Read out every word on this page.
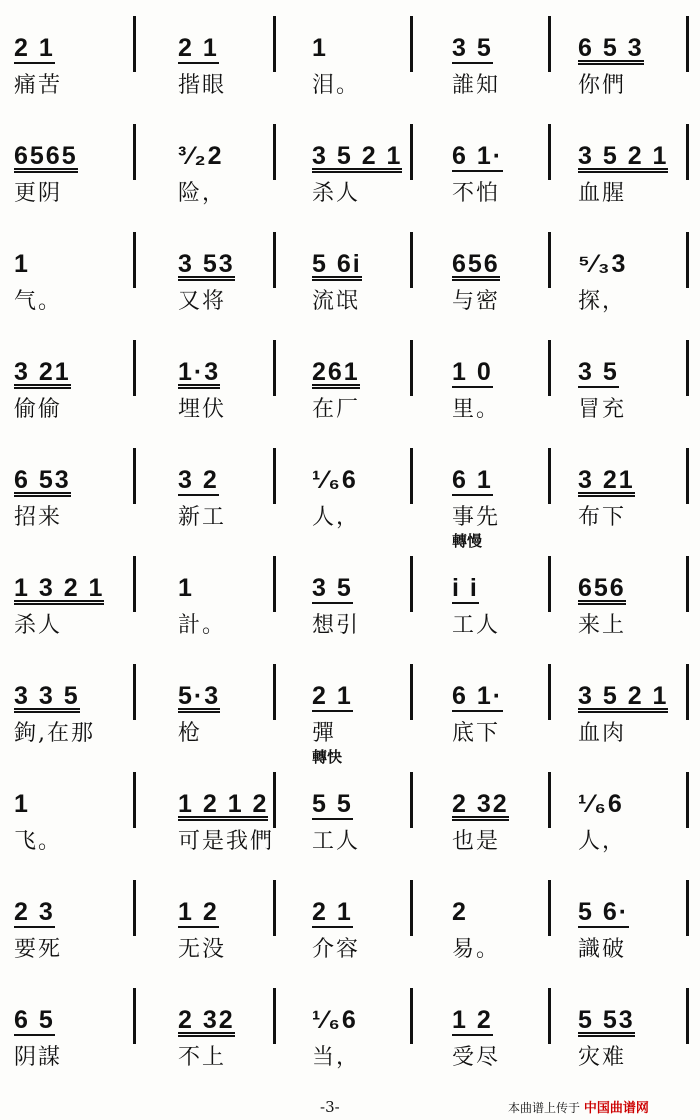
2 1
痛苦
2 1
揩眼
1
泪。
3 5
誰知
6 5 3
你們
6565
更阴
³⁄₂2
险，
3 5 2 1
杀人
6 1·
不怕
3 5 2 1
血腥
1
气。
3 53
又将
5 6i
流氓
656
与密
⁵⁄₃3
探，
3 21
偷偷
1·3
埋伏
261
在厂
1 0
里。
3 5
冒充
6 53
招来
3 2
新工
¹⁄₆6
人，
6 1
事先
3 21
布下
1 3 2 1
杀人
1
計。
3 5
想引
轉慢
i i
工人
656
来上
3 3 5
鉤,在那
5·3
枪
2 1
彈
6 1·
底下
3 5 2 1
血肉
1
飞。
1 2 1 2
可是我們
轉快
5 5
工人
2 32
也是
¹⁄₆6
人，
2 3
要死
1 2
无没
2 1
介容
2
易。
5 6·
識破
6 5
阴謀
2 32
不上
¹⁄₆6
当，
1 2
受尽
5 53
灾难
-3-	本曲谱上传于 中国曲谱网
